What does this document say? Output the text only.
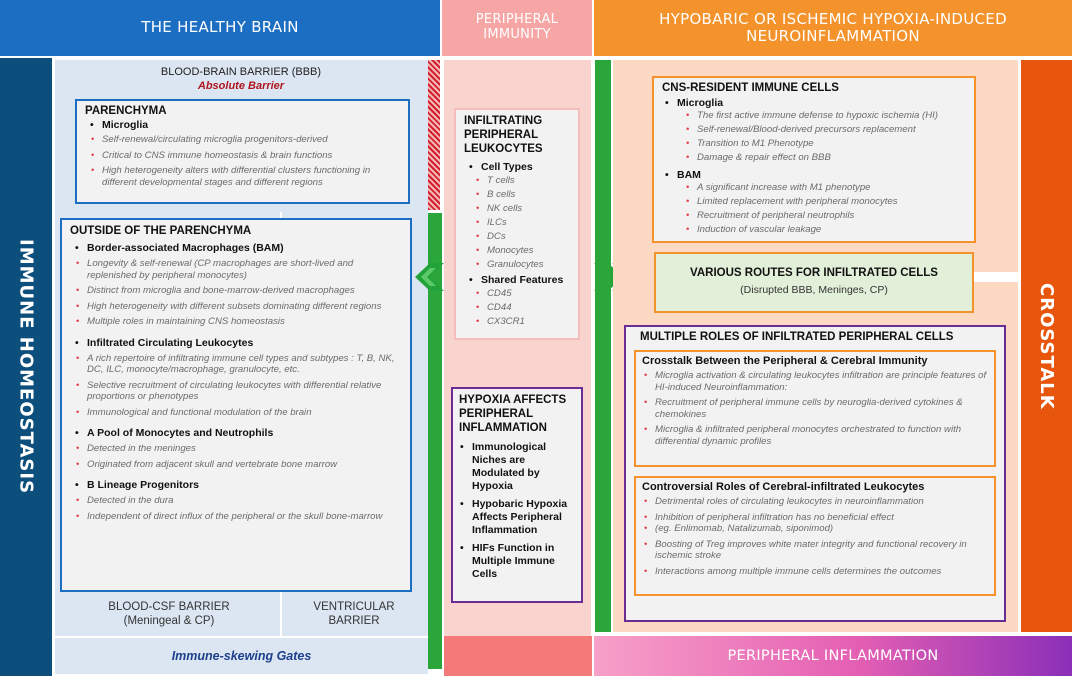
THE HEALTHY BRAIN	PERIPHERAL IMMUNITY
HYPOBARIC OR ISCHEMIC HYPOXIA-INDUCED NEUROINFLAMMATION
IMMUNE HOMEOSTASIS
BLOOD-BRAIN BARRIER (BBB)
Absolute Barrier
PARENCHYMA
• Microglia
• Self-renewal/circulating microglia progenitors-derived
• Critical to CNS immune homeostasis & brain functions
• High heterogeneity alters with differential clusters functioning in different developmental stages and different regions
OUTSIDE OF THE PARENCHYMA
• Border-associated Macrophages (BAM)
• Longevity & self-renewal (CP macrophages are short-lived and replenished by peripheral monocytes)
• Distinct from microglia and bone-marrow-derived macrophages
• High heterogeneity with different subsets dominating different regions
• Multiple roles in maintaining CNS homeostasis
• Infiltrated Circulating Leukocytes
• A rich repertoire of infiltrating immune cell types and subtypes : T, B, NK, DC, ILC, monocyte/macrophage, granulocyte, etc.
• Selective recruitment of circulating leukocytes with differential relative proportions or phenotypes
• Immunological and functional modulation of the brain
• A Pool of Monocytes and Neutrophils
• Detected in the meninges
• Originated from adjacent skull and vertebrate bone marrow
• B Lineage Progenitors
• Detected in the dura
• Independent of direct influx of the peripheral or the skull bone-marrow
BLOOD-CSF BARRIER
(Meningeal & CP)
VENTRICULAR
BARRIER
Immune-skewing Gates
INFILTRATING PERIPHERAL LEUKOCYTES
• Cell Types
• T cells
• B cells
• NK cells
• ILCs
• DCs
• Monocytes
• Granulocytes
• Shared Features
• CD45
• CD44
• CX3CR1
HYPOXIA AFFECTS PERIPHERAL INFLAMMATION
• Immunological Niches are Modulated by Hypoxia
• Hypobaric Hypoxia Affects Peripheral Inflammation
• HIFs Function in Multiple Immune Cells
CNS-RESIDENT IMMUNE CELLS
• Microglia
• The first active immune defense to hypoxic ischemia (HI)
• Self-renewal/Blood-derived precursors replacement
• Transition to M1 Phenotype
• Damage & repair effect on BBB
• BAM
• A significant increase with M1 phenotype
• Limited replacement with peripheral monocytes
• Recruitment of peripheral neutrophils
• Induction of vascular leakage
VARIOUS ROUTES FOR INFILTRATED CELLS
(Disrupted BBB, Meninges, CP)
MULTIPLE ROLES OF INFILTRATED PERIPHERAL CELLS
Crosstalk Between the Peripheral & Cerebral Immunity
• Microglia activation & circulating leukocytes infiltration are principle features of HI-induced Neuroinflammation:
• Recruitment of peripheral immune cells by neuroglia-derived cytokines & chemokines
• Microglia & infiltrated peripheral monocytes orchestrated to function with differential dynamic profiles
Controversial Roles of Cerebral-infiltrated Leukocytes
• Detrimental roles of circulating leukocytes in neuroinflammation
• Inhibition of peripheral infiltration has no beneficial effect
• (eg. Enlimomab, Natalizumab, siponimod)
• Boosting of Treg improves white mater integrity and functional recovery in ischemic stroke
• Interactions among multiple immune cells determines the outcomes
CROSSTALK
PERIPHERAL INFLAMMATION
